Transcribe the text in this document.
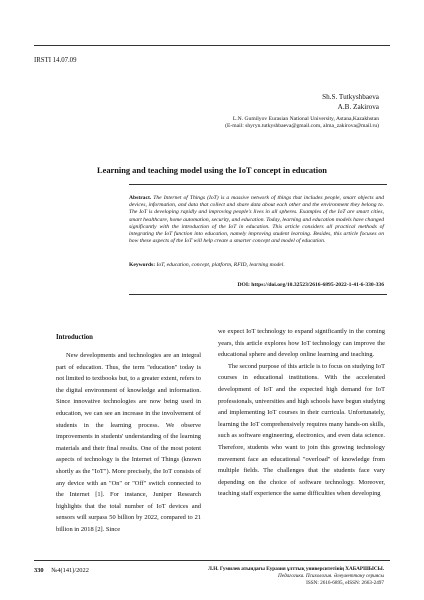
IRSTI 14.07.09
Sh.S. Tutkyshbaeva
A.B. Zakirova
L.N. Gumilyov Eurasian National University, Astana,Kazakhstan
(E-mail: shyryn.tutkyshbaeva@gmail.com, alma_zakirova@mail.ru)
Learning and teaching model using the IoT concept in education
Abstract. The Internet of Things (IoT) is a massive network of things that includes people, smart objects and devices, information, and data that collect and share data about each other and the environment they belong to. The IoT is developing rapidly and improving people's lives in all spheres. Examples of the IoT are smart cities, smart healthcare, home automation, security, and education. Today, learning and education models have changed significantly with the introduction of the IoT in education. This article considers all practical methods of integrating the IoT function into education, namely improving student learning. Besides, this article focuses on how these aspects of the IoT will help create a smarter concept and model of education.
Keywords: IoT, education, concept, platform, RFID, learning model.
DOI: https://doi.org/10.32523/2616-6895-2022-1-41-6-330-336
Introduction

New developments and technologies are an integral part of education. Thus, the term "education" today is not limited to textbooks but, to a greater extent, refers to the digital environment of knowledge and information. Since innovative technologies are now being used in education, we can see an increase in the involvement of students in the learning process. We observe improvements in students' understanding of the learning materials and their final results. One of the most potent aspects of technology is the Internet of Things (known shortly as the "IoT"). More precisely, the IoT consists of any device with an "On" or "Off" switch connected to the Internet [1]. For instance, Juniper Research highlights that the total number of IoT devices and sensors will surpass 50 billion by 2022, compared to 21 billion in 2018 [2]. Since

we expect IoT technology to expand significantly in the coming years, this article explores how IoT technology can improve the educational sphere and develop online learning and teaching.

The second purpose of this article is to focus on studying IoT courses in educational institutions. With the accelerated development of IoT and the expected high demand for IoT professionals, universities and high schools have begun studying and implementing IoT courses in their curricula. Unfortunately, learning the IoT comprehensively requires many hands-on skills, such as software engineering, electronics, and even data science. Therefore, students who want to join this growing technology movement face an educational "overload" of knowledge from multiple fields. The challenges that the students face vary depending on the choice of software technology. Moreover, teaching staff experience the same difficulties when developing

330 №4(141)/2022	Л.Н. Гумилев атындағы Еуразия ұлттық университетінің ХАБАРШЫСЫ.
Педагогика. Психология. Әлеуметтану сериясы
ISSN: 2616-6895, eISSN: 2663-2497
